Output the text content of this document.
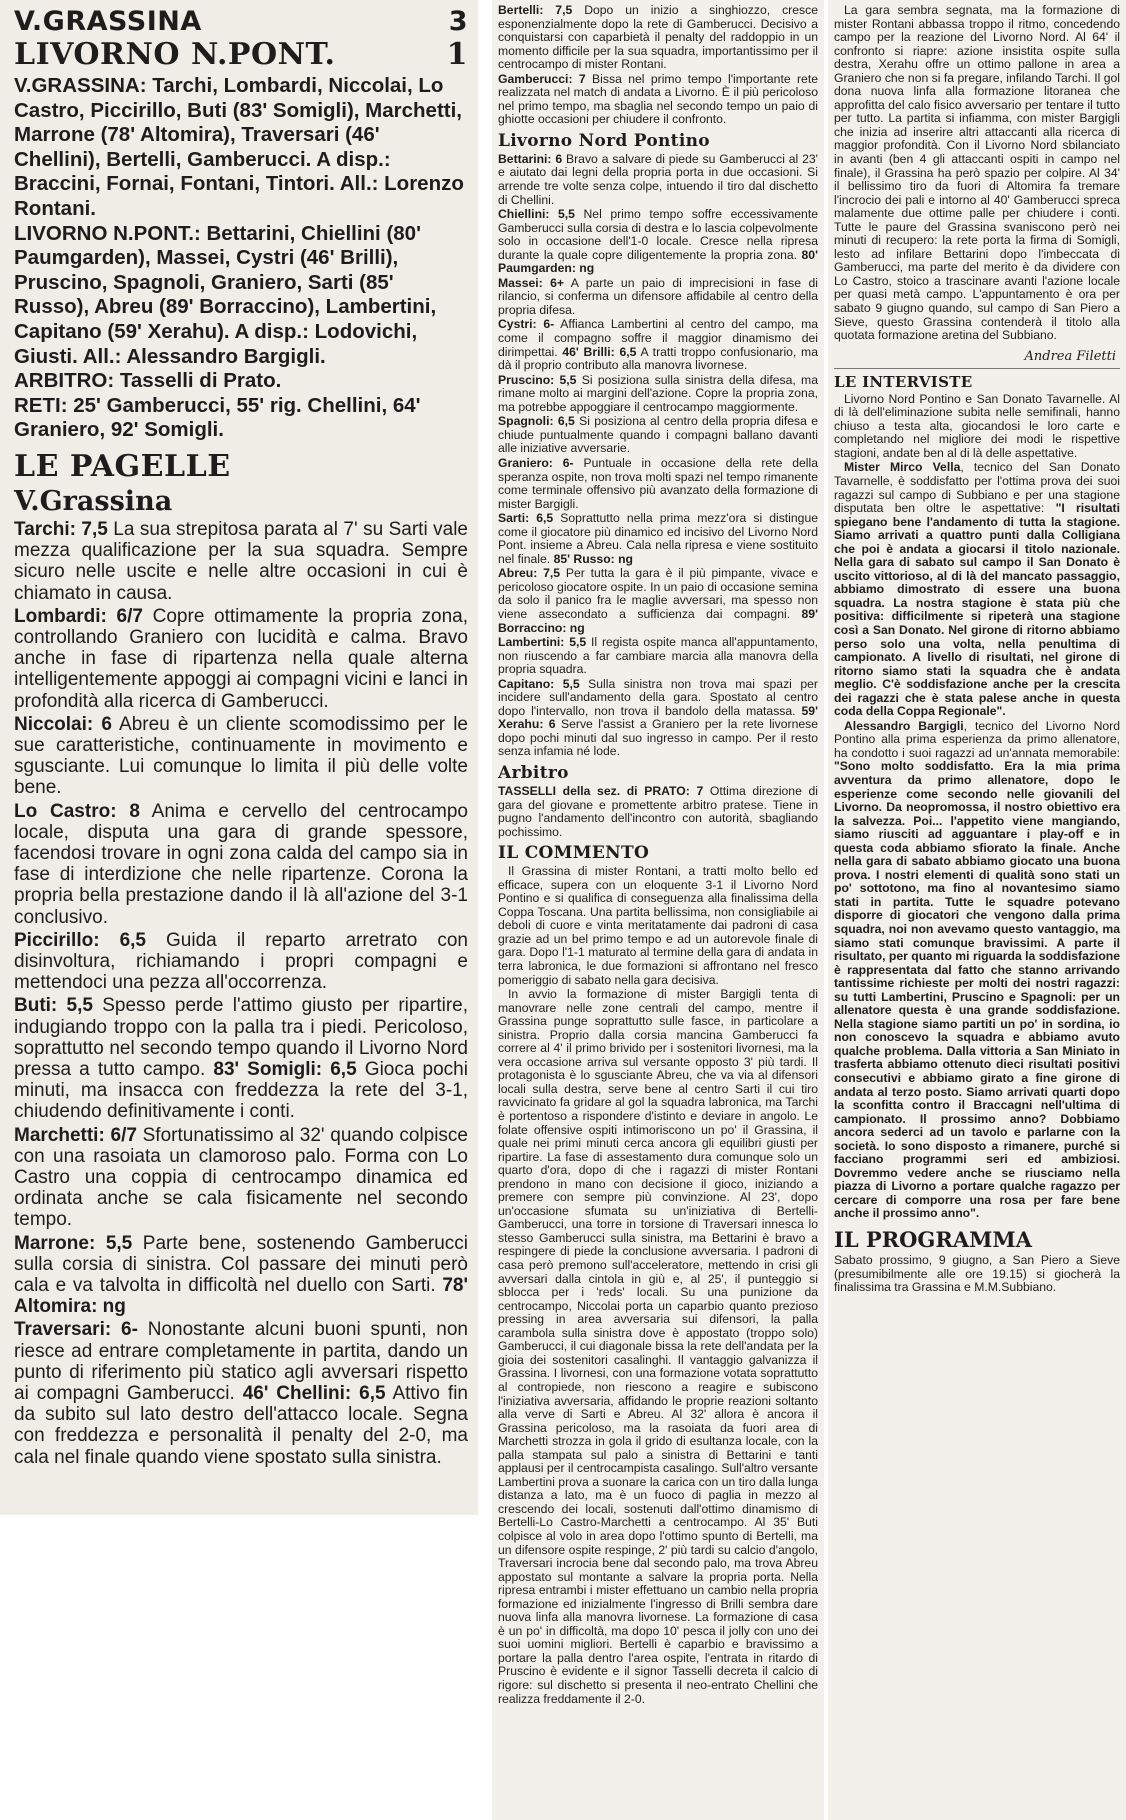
V.GRASSINA	3
LIVORNO N.PONT.	1

V.GRASSINA: Tarchi, Lombardi, Niccolai, Lo Castro, Piccirillo, Buti (83' Somigli), Marchetti, Marrone (78' Altomira), Traversari (46' Chellini), Bertelli, Gamberucci. A disp.: Braccini, Fornai, Fontani, Tintori. All.: Lorenzo Rontani.

LIVORNO N.PONT.: Bettarini, Chiellini (80' Paumgarden), Massei, Cystri (46' Brilli), Pruscino, Spagnoli, Graniero, Sarti (85' Russo), Abreu (89' Borraccino), Lambertini, Capitano (59' Xerahu). A disp.: Lodovichi, Giusti. All.: Alessandro Bargigli.

ARBITRO: Tasselli di Prato.

RETI: 25' Gamberucci, 55' rig. Chellini, 64' Graniero, 92' Somigli.

LE PAGELLE
V.Grassina

Tarchi: 7,5 La sua strepitosa parata al 7' su Sarti vale mezza qualificazione per la sua squadra. Sempre sicuro nelle uscite e nelle altre occasioni in cui è chiamato in causa.

Lombardi: 6/7 Copre ottimamente la propria zona, controllando Graniero con lucidità e calma. Bravo anche in fase di ripartenza nella quale alterna intelligentemente appoggi ai compagni vicini e lanci in profondità alla ricerca di Gamberucci.

Niccolai: 6 Abreu è un cliente scomodissimo per le sue caratteristiche, continuamente in movimento e sgusciante. Lui comunque lo limita il più delle volte bene.

Lo Castro: 8 Anima e cervello del centrocampo locale, disputa una gara di grande spessore, facendosi trovare in ogni zona calda del campo sia in fase di interdizione che nelle ripartenze. Corona la propria bella prestazione dando il là all'azione del 3-1 conclusivo.

Piccirillo: 6,5 Guida il reparto arretrato con disinvoltura, richiamando i propri compagni e mettendoci una pezza all'occorrenza.

Buti: 5,5 Spesso perde l'attimo giusto per ripartire, indugiando troppo con la palla tra i piedi. Pericoloso, soprattutto nel secondo tempo quando il Livorno Nord pressa a tutto campo. 83' Somigli: 6,5 Gioca pochi minuti, ma insacca con freddezza la rete del 3-1, chiudendo definitivamente i conti.

Marchetti: 6/7 Sfortunatissimo al 32' quando colpisce con una rasoiata un clamoroso palo. Forma con Lo Castro una coppia di centrocampo dinamica ed ordinata anche se cala fisicamente nel secondo tempo.

Marrone: 5,5 Parte bene, sostenendo Gamberucci sulla corsia di sinistra. Col passare dei minuti però cala e va talvolta in difficoltà nel duello con Sarti. 78' Altomira: ng

Traversari: 6- Nonostante alcuni buoni spunti, non riesce ad entrare completamente in partita, dando un punto di riferimento più statico agli avversari rispetto ai compagni Gamberucci. 46' Chellini: 6,5 Attivo fin da subito sul lato destro dell'attacco locale. Segna con freddezza e personalità il penalty del 2-0, ma cala nel finale quando viene spostato sulla sinistra.

Bertelli: 7,5 Dopo un inizio a singhiozzo, cresce esponenzialmente dopo la rete di Gamberucci. Decisivo a conquistarsi con caparbietà il penalty del raddoppio in un momento difficile per la sua squadra, importantissimo per il centrocampo di mister Rontani.

Gamberucci: 7 Bissa nel primo tempo l'importante rete realizzata nel match di andata a Livorno. È il più pericoloso nel primo tempo, ma sbaglia nel secondo tempo un paio di ghiotte occasioni per chiudere il confronto.

Livorno Nord Pontino

Bettarini: 6 Bravo a salvare di piede su Gamberucci al 23' e aiutato dai legni della propria porta in due occasioni. Si arrende tre volte senza colpe, intuendo il tiro dal dischetto di Chellini.

Chiellini: 5,5 Nel primo tempo soffre eccessivamente Gamberucci sulla corsia di destra e lo lascia colpevolmente solo in occasione dell'1-0 locale. Cresce nella ripresa durante la quale copre diligentemente la propria zona. 80' Paumgarden: ng

Massei: 6+ A parte un paio di imprecisioni in fase di rilancio, si conferma un difensore affidabile al centro della propria difesa.

Cystri: 6- Affianca Lambertini al centro del campo, ma come il compagno soffre il maggior dinamismo dei dirimpettai. 46' Brilli: 6,5 A tratti troppo confusionario, ma dà il proprio contributo alla manovra livornese.

Pruscino: 5,5 Si posiziona sulla sinistra della difesa, ma rimane molto ai margini dell'azione. Copre la propria zona, ma potrebbe appoggiare il centrocampo maggiormente.

Spagnoli: 6,5 Si posiziona al centro della propria difesa e chiude puntualmente quando i compagni ballano davanti alle iniziative avversarie.

Graniero: 6- Puntuale in occasione della rete della speranza ospite, non trova molti spazi nel tempo rimanente come terminale offensivo più avanzato della formazione di mister Bargigli.

Sarti: 6,5 Soprattutto nella prima mezz'ora si distingue come il giocatore più dinamico ed incisivo del Livorno Nord Pont. insieme a Abreu. Cala nella ripresa e viene sostituito nel finale. 85' Russo: ng

Abreu: 7,5 Per tutta la gara è il più pimpante, vivace e pericoloso giocatore ospite. In un paio di occasione semina da solo il panico fra le maglie avversari, ma spesso non viene assecondato a sufficienza dai compagni. 89' Borraccino: ng

Lambertini: 5,5 Il regista ospite manca all'appuntamento, non riuscendo a far cambiare marcia alla manovra della propria squadra.

Capitano: 5,5 Sulla sinistra non trova mai spazi per incidere sull'andamento della gara. Spostato al centro dopo l'intervallo, non trova il bandolo della matassa. 59' Xerahu: 6 Serve l'assist a Graniero per la rete livornese dopo pochi minuti dal suo ingresso in campo. Per il resto senza infamia né lode.

Arbitro

TASSELLI della sez. di PRATO: 7 Ottima direzione di gara del giovane e promettente arbitro pratese. Tiene in pugno l'andamento dell'incontro con autorità, sbagliando pochissimo.

IL COMMENTO

Il Grassina di mister Rontani, a tratti molto bello ed efficace, supera con un eloquente 3-1 il Livorno Nord Pontino e si qualifica di conseguenza alla finalissima della Coppa Toscana. Una partita bellissima, non consigliabile ai deboli di cuore e vinta meritatamente dai padroni di casa grazie ad un bel primo tempo e ad un autorevole finale di gara. Dopo l'1-1 maturato al termine della gara di andata in terra labronica, le due formazioni si affrontano nel fresco pomeriggio di sabato nella gara decisiva.

In avvio la formazione di mister Bargigli tenta di manovrare nelle zone centrali del campo, mentre il Grassina punge soprattutto sulle fasce, in particolare a sinistra. Proprio dalla corsia mancina Gamberucci fa correre al 4' il primo brivido per i sostenitori livornesi, ma la vera occasione arriva sul versante opposto 3' più tardi. Il protagonista è lo sgusciante Abreu, che va via al difensori locali sulla destra, serve bene al centro Sarti il cui tiro ravvicinato fa gridare al gol la squadra labronica, ma Tarchi è portentoso a rispondere d'istinto e deviare in angolo. Le folate offensive ospiti intimoriscono un po' il Grassina, il quale nei primi minuti cerca ancora gli equilibri giusti per ripartire. La fase di assestamento dura comunque solo un quarto d'ora, dopo di che i ragazzi di mister Rontani prendono in mano con decisione il gioco, iniziando a premere con sempre più convinzione. Al 23', dopo un'occasione sfumata su un'iniziativa di Bertelli-Gamberucci, una torre in torsione di Traversari innesca lo stesso Gamberucci sulla sinistra, ma Bettarini è bravo a respingere di piede la conclusione avversaria. I padroni di casa però premono sull'acceleratore, mettendo in crisi gli avversari dalla cintola in giù e, al 25', il punteggio si sblocca per i 'reds' locali. Su una punizione da centrocampo, Niccolai porta un caparbio quanto prezioso pressing in area avversaria sui difensori, la palla carambola sulla sinistra dove è appostato (troppo solo) Gamberucci, il cui diagonale bissa la rete dell'andata per la gioia dei sostenitori casalinghi. Il vantaggio galvanizza il Grassina. I livornesi, con una formazione votata soprattutto al contropiede, non riescono a reagire e subiscono l'iniziativa avversaria, affidando le proprie reazioni soltanto alla verve di Sarti e Abreu. Al 32' allora è ancora il Grassina pericoloso, ma la rasoiata da fuori area di Marchetti strozza in gola il grido di esultanza locale, con la palla stampata sul palo a sinistra di Bettarini e tanti applausi per il centrocampista casalingo. Sull'altro versante Lambertini prova a suonare la carica con un tiro dalla lunga distanza a lato, ma è un fuoco di paglia in mezzo al crescendo dei locali, sostenuti dall'ottimo dinamismo di Bertelli-Lo Castro-Marchetti a centrocampo. Al 35' Buti colpisce al volo in area dopo l'ottimo spunto di Bertelli, ma un difensore ospite respinge, 2' più tardi su calcio d'angolo, Traversari incrocia bene dal secondo palo, ma trova Abreu appostato sul montante a salvare la propria porta. Nella ripresa entrambi i mister effettuano un cambio nella propria formazione ed inizialmente l'ingresso di Brilli sembra dare nuova linfa alla manovra livornese. La formazione di casa è un po' in difficoltà, ma dopo 10' pesca il jolly con uno dei suoi uomini migliori. Bertelli è caparbio e bravissimo a portare la palla dentro l'area ospite, l'entrata in ritardo di Pruscino è evidente e il signor Tasselli decreta il calcio di rigore: sul dischetto si presenta il neo-entrato Chellini che realizza freddamente il 2-0.

La gara sembra segnata, ma la formazione di mister Rontani abbassa troppo il ritmo, concedendo campo per la reazione del Livorno Nord. Al 64' il confronto si riapre: azione insistita ospite sulla destra, Xerahu offre un ottimo pallone in area a Graniero che non si fa pregare, infilando Tarchi. Il gol dona nuova linfa alla formazione litoranea che approfitta del calo fisico avversario per tentare il tutto per tutto. La partita si infiamma, con mister Bargigli che inizia ad inserire altri attaccanti alla ricerca di maggior profondità. Con il Livorno Nord sbilanciato in avanti (ben 4 gli attaccanti ospiti in campo nel finale), il Grassina ha però spazio per colpire. Al 34' il bellissimo tiro da fuori di Altomira fa tremare l'incrocio dei pali e intorno al 40' Gamberucci spreca malamente due ottime palle per chiudere i conti. Tutte le paure del Grassina svaniscono però nei minuti di recupero: la rete porta la firma di Somigli, lesto ad infilare Bettarini dopo l'imbeccata di Gamberucci, ma parte del merito è da dividere con Lo Castro, stoico a trascinare avanti l'azione locale per quasi metà campo. L'appuntamento è ora per sabato 9 giugno quando, sul campo di San Piero a Sieve, questo Grassina contenderà il titolo alla quotata formazione aretina del Subbiano.

Andrea Filetti
LE INTERVISTE

Livorno Nord Pontino e San Donato Tavarnelle. Al di là dell'eliminazione subita nelle semifinali, hanno chiuso a testa alta, giocandosi le loro carte e completando nel migliore dei modi le rispettive stagioni, andate ben al di là delle aspettative.

Mister Mirco Vella, tecnico del San Donato Tavarnelle, è soddisfatto per l'ottima prova dei suoi ragazzi sul campo di Subbiano e per una stagione disputata ben oltre le aspettative: "I risultati spiegano bene l'andamento di tutta la stagione. Siamo arrivati a quattro punti dalla Colligiana che poi è andata a giocarsi il titolo nazionale. Nella gara di sabato sul campo il San Donato è uscito vittorioso, al di là del mancato passaggio, abbiamo dimostrato di essere una buona squadra. La nostra stagione è stata più che positiva: difficilmente si ripeterà una stagione così a San Donato. Nel girone di ritorno abbiamo perso solo una volta, nella penultima di campionato. A livello di risultati, nel girone di ritorno siamo stati la squadra che è andata meglio. C'è soddisfazione anche per la crescita dei ragazzi che è stata palese anche in questa coda della Coppa Regionale".

Alessandro Bargigli, tecnico del Livorno Nord Pontino alla prima esperienza da primo allenatore, ha condotto i suoi ragazzi ad un'annata memorabile: "Sono molto soddisfatto. Era la mia prima avventura da primo allenatore, dopo le esperienze come secondo nelle giovanili del Livorno. Da neopromossa, il nostro obiettivo era la salvezza. Poi... l'appetito viene mangiando, siamo riusciti ad agguantare i play-off e in questa coda abbiamo sfiorato la finale. Anche nella gara di sabato abbiamo giocato una buona prova. I nostri elementi di qualità sono stati un po' sottotono, ma fino al novantesimo siamo stati in partita. Tutte le squadre potevano disporre di giocatori che vengono dalla prima squadra, noi non avevamo questo vantaggio, ma siamo stati comunque bravissimi. A parte il risultato, per quanto mi riguarda la soddisfazione è rappresentata dal fatto che stanno arrivando tantissime richieste per molti dei nostri ragazzi: su tutti Lambertini, Pruscino e Spagnoli: per un allenatore questa è una grande soddisfazione. Nella stagione siamo partiti un po' in sordina, io non conoscevo la squadra e abbiamo avuto qualche problema. Dalla vittoria a San Miniato in trasferta abbiamo ottenuto dieci risultati positivi consecutivi e abbiamo girato a fine girone di andata al terzo posto. Siamo arrivati quarti dopo la sconfitta contro il Braccagni nell'ultima di campionato. Il prossimo anno? Dobbiamo ancora sederci ad un tavolo e parlarne con la società. Io sono disposto a rimanere, purché si facciano programmi seri ed ambiziosi. Dovremmo vedere anche se riusciamo nella piazza di Livorno a portare qualche ragazzo per cercare di comporre una rosa per fare bene anche il prossimo anno".

IL PROGRAMMA

Sabato prossimo, 9 giugno, a San Piero a Sieve (presumibilmente alle ore 19.15) si giocherà la finalissima tra Grassina e M.M.Subbiano.
